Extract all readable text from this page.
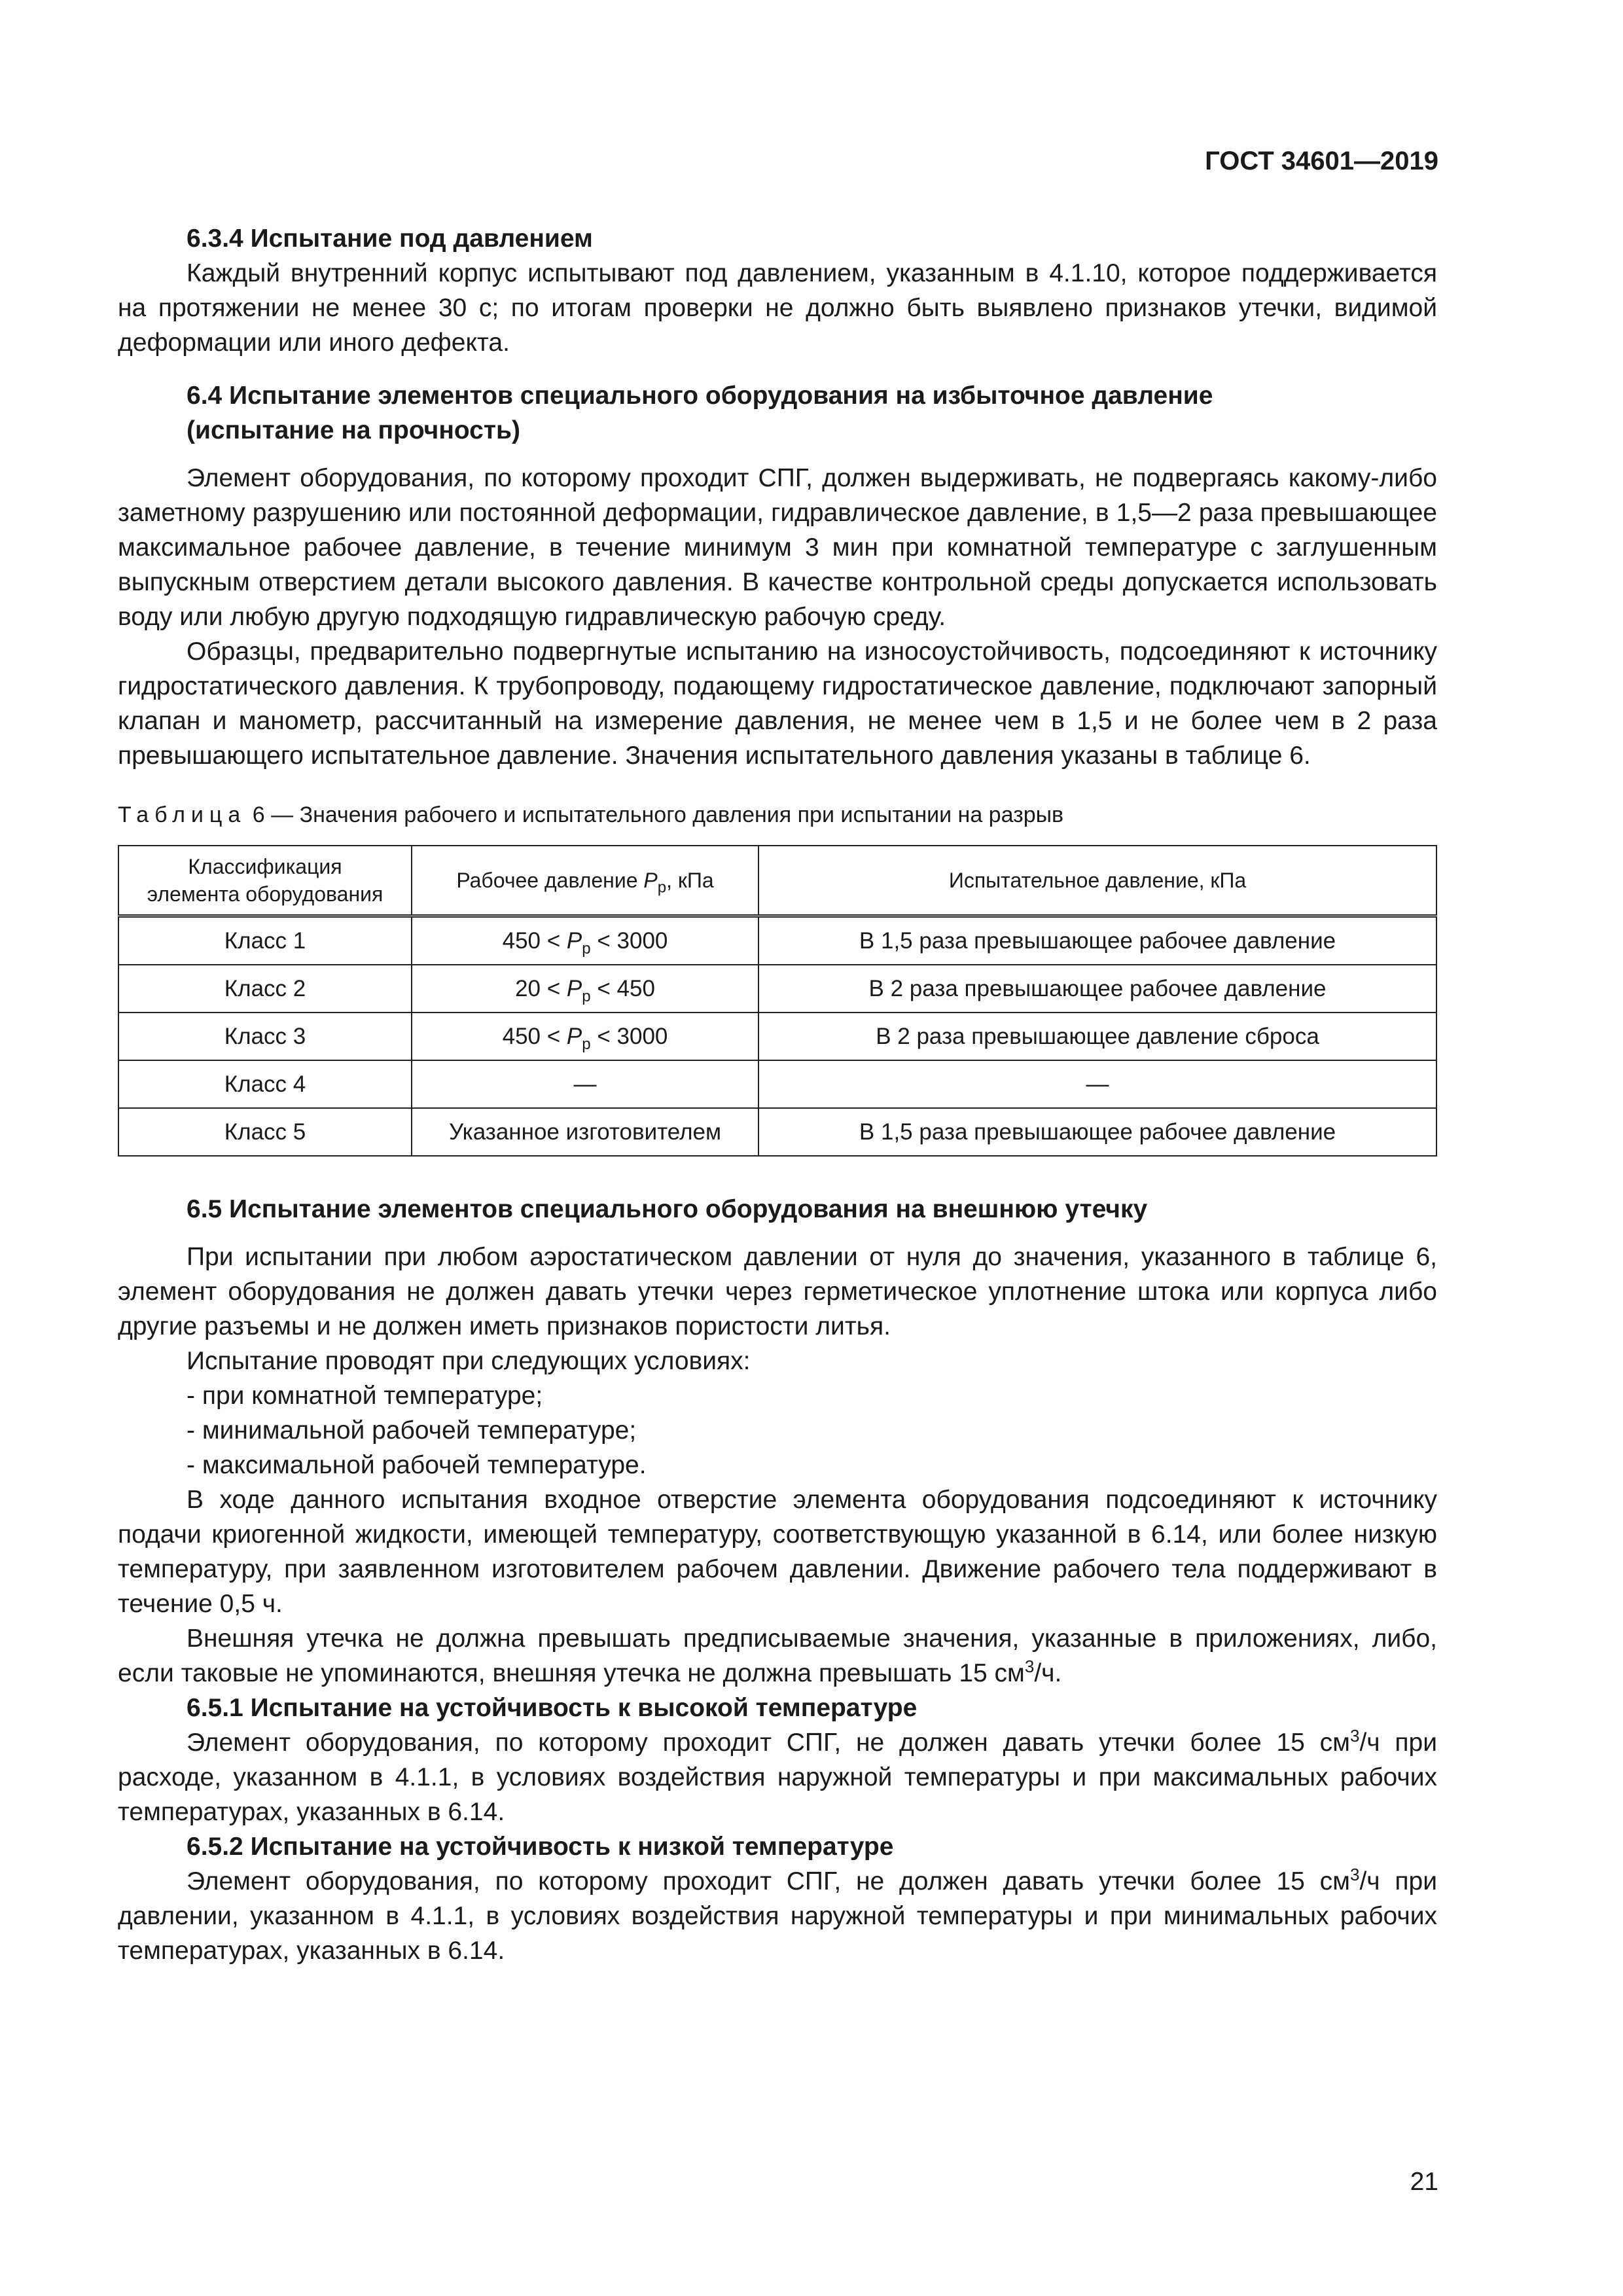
ГОСТ 34601—2019

6.3.4 Испытание под давлением

Каждый внутренний корпус испытывают под давлением, указанным в 4.1.10, которое поддерживается на протяжении не менее 30 с; по итогам проверки не должно быть выявлено признаков утечки, видимой деформации или иного дефекта.

6.4 Испытание элементов специального оборудования на избыточное давление

(испытание на прочность)

Элемент оборудования, по которому проходит СПГ, должен выдерживать, не подвергаясь какому-либо заметному разрушению или постоянной деформации, гидравлическое давление, в 1,5—2 раза превышающее максимальное рабочее давление, в течение минимум 3 мин при комнатной температуре с заглушенным выпускным отверстием детали высокого давления. В качестве контрольной среды допускается использовать воду или любую другую подходящую гидравлическую рабочую среду.

Образцы, предварительно подвергнутые испытанию на износоустойчивость, подсоединяют к источнику гидростатического давления. К трубопроводу, подающему гидростатическое давление, подключают запорный клапан и манометр, рассчитанный на измерение давления, не менее чем в 1,5 и не более чем в 2 раза превышающего испытательное давление. Значения испытательного давления указаны в таблице 6.

Таблица 6 — Значения рабочего и испытательного давления при испытании на разрыв

Классификация
элемента оборудования	Рабочее давление $P_р$, кПа	Испытательное давление, кПа
Класс 1	$450 < P_р < 3000$	В 1,5 раза превышающее рабочее давление
Класс 2	$20 < P_р < 450$	В 2 раза превышающее рабочее давление
Класс 3	$450 < P_р < 3000$	В 2 раза превышающее давление сброса
Класс 4	—	—
Класс 5	Указанное изготовителем	В 1,5 раза превышающее рабочее давление

6.5 Испытание элементов специального оборудования на внешнюю утечку

При испытании при любом аэростатическом давлении от нуля до значения, указанного в таблице 6, элемент оборудования не должен давать утечки через герметическое уплотнение штока или корпуса либо другие разъемы и не должен иметь признаков пористости литья.

Испытание проводят при следующих условиях:

- при комнатной температуре;
- минимальной рабочей температуре;
- максимальной рабочей температуре.

В ходе данного испытания входное отверстие элемента оборудования подсоединяют к источнику подачи криогенной жидкости, имеющей температуру, соответствующую указанной в 6.14, или более низкую температуру, при заявленном изготовителем рабочем давлении. Движение рабочего тела поддерживают в течение 0,5 ч.

Внешняя утечка не должна превышать предписываемые значения, указанные в приложениях, либо, если таковые не упоминаются, внешняя утечка не должна превышать 15 $см^3/ч$.

6.5.1 Испытание на устойчивость к высокой температуре

Элемент оборудования, по которому проходит СПГ, не должен давать утечки более 15 $см^3/ч$ при расходе, указанном в 4.1.1, в условиях воздействия наружной температуры и при максимальных рабочих температурах, указанных в 6.14.

6.5.2 Испытание на устойчивость к низкой температуре

Элемент оборудования, по которому проходит СПГ, не должен давать утечки более 15 $см^3/ч$ при давлении, указанном в 4.1.1, в условиях воздействия наружной температуры и при минимальных рабочих температурах, указанных в 6.14.

21
